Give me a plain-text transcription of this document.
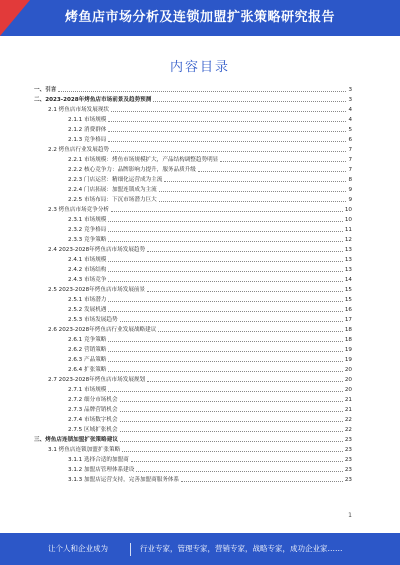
烤鱼店市场分析及连锁加盟扩张策略研究报告
内容目录
一、引言	3
二、2023-2028年烤鱼店市场前景及趋势预测	3
2.1 烤鱼店市场发展现状	4
2.1.1 市场规模	4
2.1.2 消费群体	5
2.1.3 竞争格局	6
2.2 烤鱼店行业发展趋势	7
2.2.1 市场规模：烤鱼市场规模扩大，产品结构调整趋势明显	7
2.2.2 核心竞争力：品牌影响力提升，服务品质升级	7
2.2.3 门店运营：精细化运营成为主流	8
2.2.4 门店拓展：加盟连锁成为主流	9
2.2.5 市场布局：下沉市场潜力巨大	9
2.3 烤鱼店市场竞争分析	10
2.3.1 市场规模	10
2.3.2 竞争格局	11
2.3.3 竞争策略	12
2.4 2023-2028年烤鱼店市场发展趋势	13
2.4.1 市场规模	13
2.4.2 市场结构	13
2.4.3 市场竞争	14
2.5 2023-2028年烤鱼店市场发展前景	15
2.5.1 市场潜力	15
2.5.2 发展机遇	16
2.5.3 市场发展趋势	17
2.6 2023-2028年烤鱼店行业发展战略建议	18
2.6.1 竞争策略	18
2.6.2 营销策略	19
2.6.3 产品策略	19
2.6.4 扩张策略	20
2.7 2023-2028年烤鱼店市场发展规划	20
2.7.1 市场规模	20
2.7.2 细分市场机会	21
2.7.3 品牌营销机会	21
2.7.4 市场数字机会	22
2.7.5 区域扩张机会	22
三、烤鱼店连锁加盟扩张策略建议	23
3.1 烤鱼店连锁加盟扩张策略	23
3.1.1 选择合适的加盟商	23
3.1.2 加盟店管理体系建设	23
3.1.3 加盟店运营支持，完善加盟商服务体系	23
1
让个人和企业成为	行业专家，管理专家，营销专家，战略专家，成功企业家……
